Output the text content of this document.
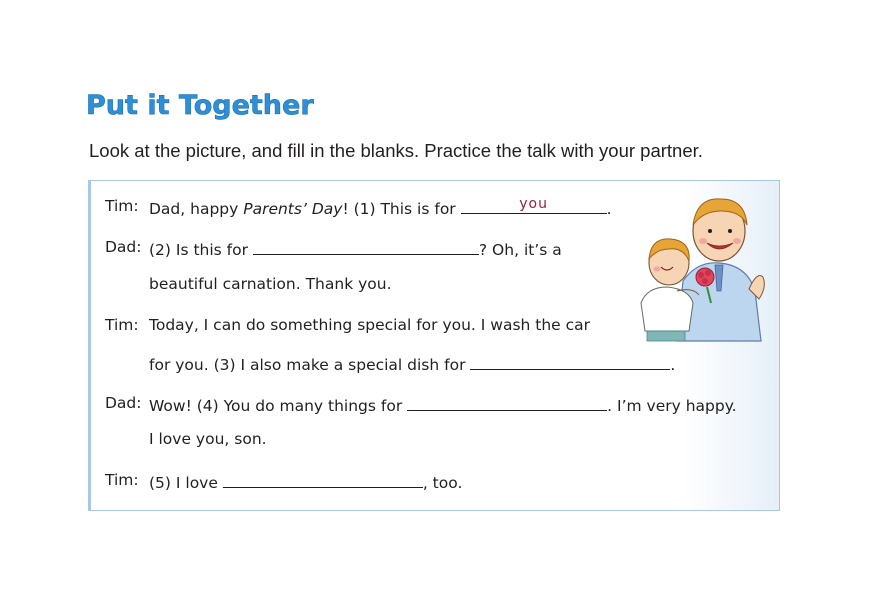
Put it Together
Look at the picture, and fill in the blanks. Practice the talk with your partner.
Tim: Dad, happy Parents’ Day! (1) This is for	you	.
Dad: (2) Is this for	? Oh, it’s a
beautiful carnation. Thank you.
Tim: Today, I can do something special for you. I wash the car
for you. (3) I also make a special dish for	.
Dad: Wow! (4) You do many things for	. I’m very happy.
I love you, son.
Tim: (5) I love	, too.
